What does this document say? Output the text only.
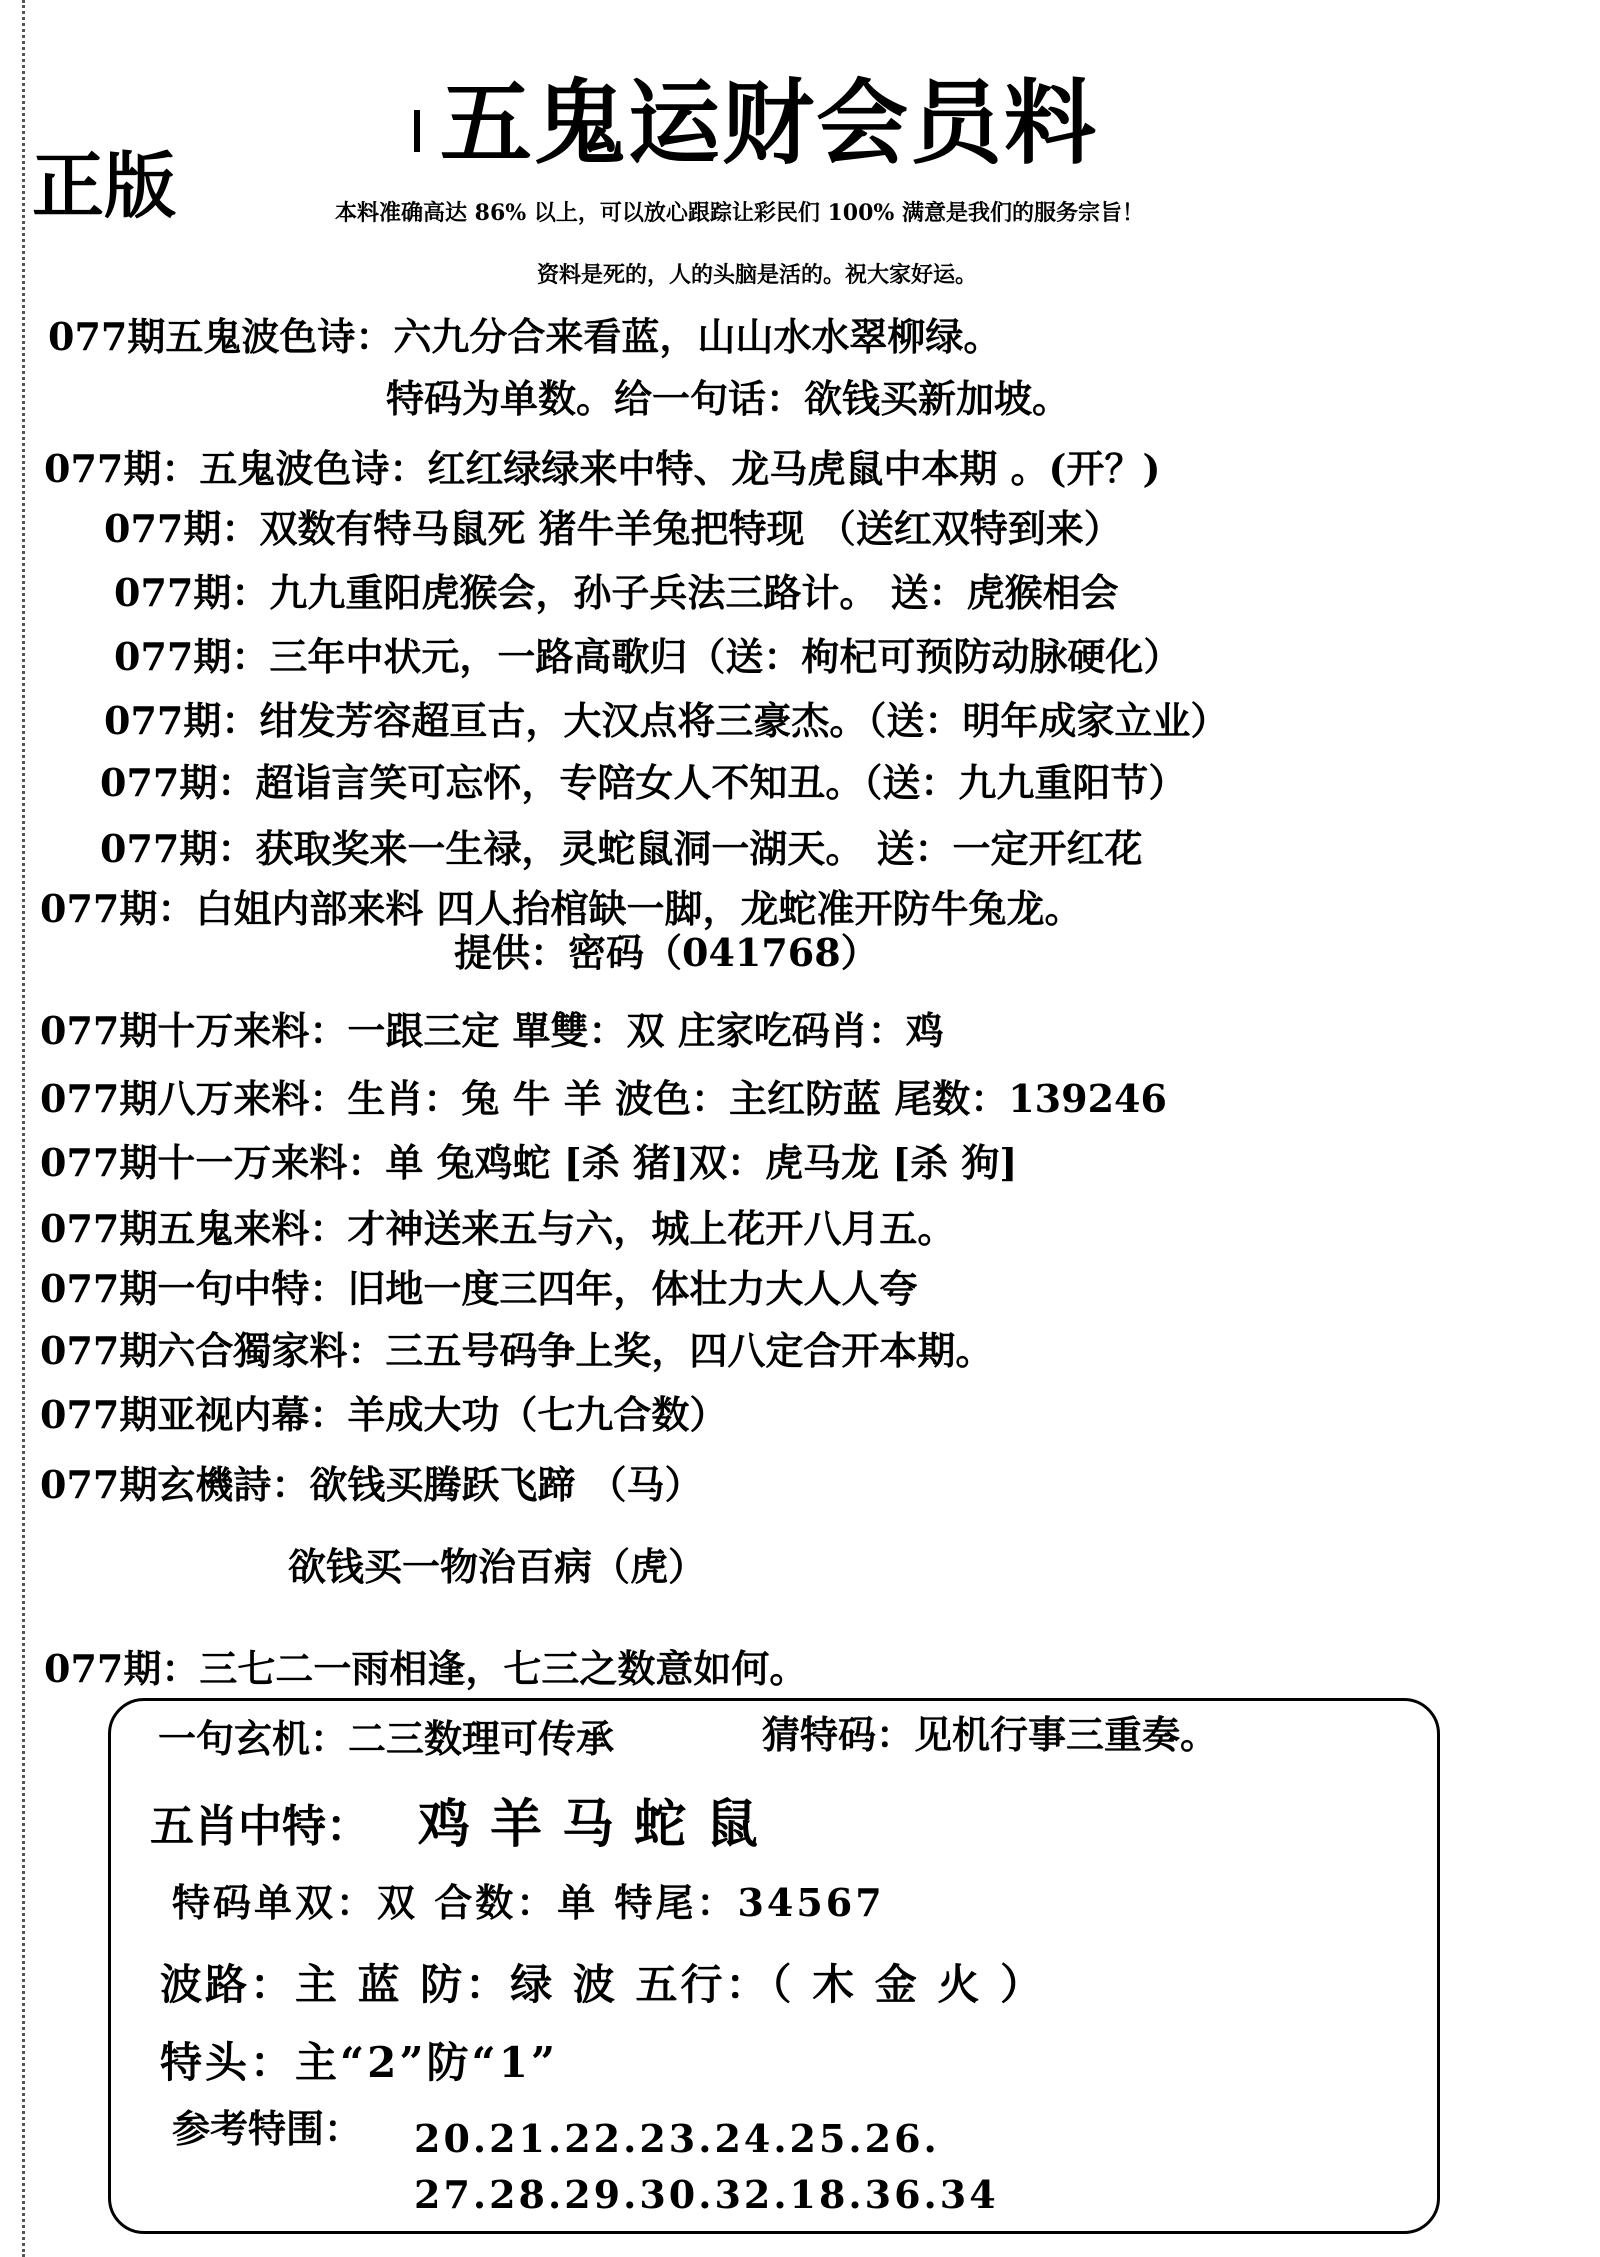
五鬼运财会员料
正版	本料准确高达 86% 以上，可以放心跟踪让彩民们 100% 满意是我们的服务宗旨！
资料是死的，人的头脑是活的。祝大家好运。
077期五鬼波色诗：六九分合来看蓝，山山水水翠柳绿。
特码为单数。给一句话：欲钱买新加坡。
077期：五鬼波色诗：红红绿绿来中特、龙马虎鼠中本期 。(开？)
077期：双数有特马鼠死 猪牛羊兔把特现 （送红双特到来）
077期：九九重阳虎猴会，孙子兵法三路计。 送：虎猴相会
077期：三年中状元，一路高歌归（送：枸杞可预防动脉硬化）
077期：绀发芳容超亘古，大汉点将三豪杰。（送：明年成家立业）
077期：超诣言笑可忘怀，专陪女人不知丑。（送：九九重阳节）
077期：获取奖来一生禄，灵蛇鼠洞一湖天。 送：一定开红花
077期：白姐内部来料 四人抬棺缺一脚，龙蛇准开防牛兔龙。
提供：密码（041768）
077期十万来料：一跟三定 單雙：双 庄家吃码肖：鸡
077期八万来料：生肖：兔 牛 羊 波色：主红防蓝 尾数：139246
077期十一万来料：单 兔鸡蛇 [杀 猪]双：虎马龙 [杀 狗]
077期五鬼来料：才神送来五与六，城上花开八月五。
077期一句中特：旧地一度三四年，体壮力大人人夸
077期六合獨家料：三五号码争上奖，四八定合开本期。
077期亚视内幕：羊成大功（七九合数）
077期玄機詩：欲钱买腾跃飞蹄 （马）
欲钱买一物治百病（虎）
077期：三七二一雨相逢，七三之数意如何。
一句玄机：二三数理可传承	猜特码：见机行事三重奏。
五肖中特： 鸡羊马蛇鼠
特码单双：双 合数：单 特尾：34567
波路：主 蓝 防：绿 波 五行：（ 木 金 火 ）
特头：主“2”防“1”
参考特围： 20.21.22.23.24.25.26.
27.28.29.30.32.18.36.34
